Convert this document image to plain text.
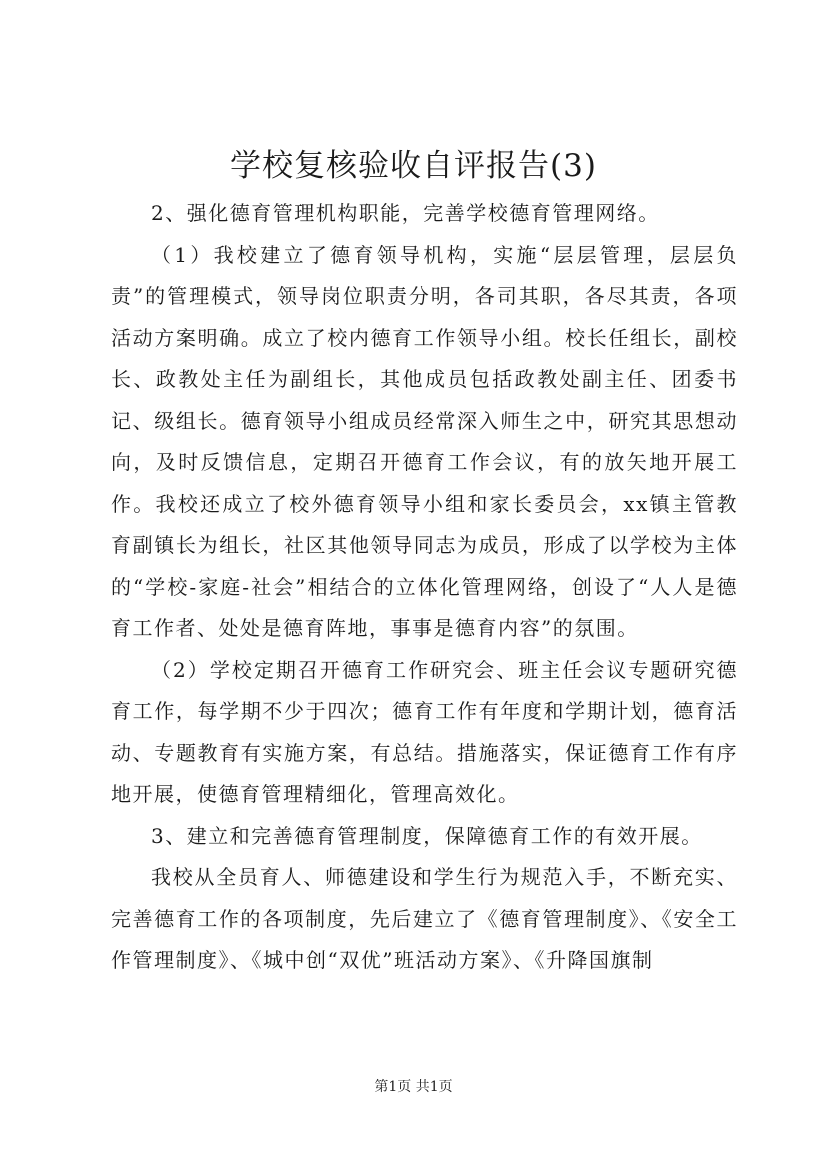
学校复核验收自评报告(3)

2、强化德育管理机构职能，完善学校德育管理网络。

（1）我校建立了德育领导机构，实施“层层管理，层层负责”的管理模式，领导岗位职责分明，各司其职，各尽其责，各项活动方案明确。成立了校内德育工作领导小组。校长任组长，副校长、政教处主任为副组长，其他成员包括政教处副主任、团委书记、级组长。德育领导小组成员经常深入师生之中，研究其思想动向，及时反馈信息，定期召开德育工作会议，有的放矢地开展工作。我校还成立了校外德育领导小组和家长委员会，xx镇主管教育副镇长为组长，社区其他领导同志为成员，形成了以学校为主体的“学校-家庭-社会”相结合的立体化管理网络，创设了“人人是德育工作者、处处是德育阵地，事事是德育内容”的氛围。

（2）学校定期召开德育工作研究会、班主任会议专题研究德育工作，每学期不少于四次；德育工作有年度和学期计划，德育活动、专题教育有实施方案，有总结。措施落实，保证德育工作有序地开展，使德育管理精细化，管理高效化。

3、建立和完善德育管理制度，保障德育工作的有效开展。

我校从全员育人、师德建设和学生行为规范入手，不断充实、完善德育工作的各项制度，先后建立了《德育管理制度》、《安全工作管理制度》、《城中创“双优”班活动方案》、《升降国旗制

第1页 共1页
